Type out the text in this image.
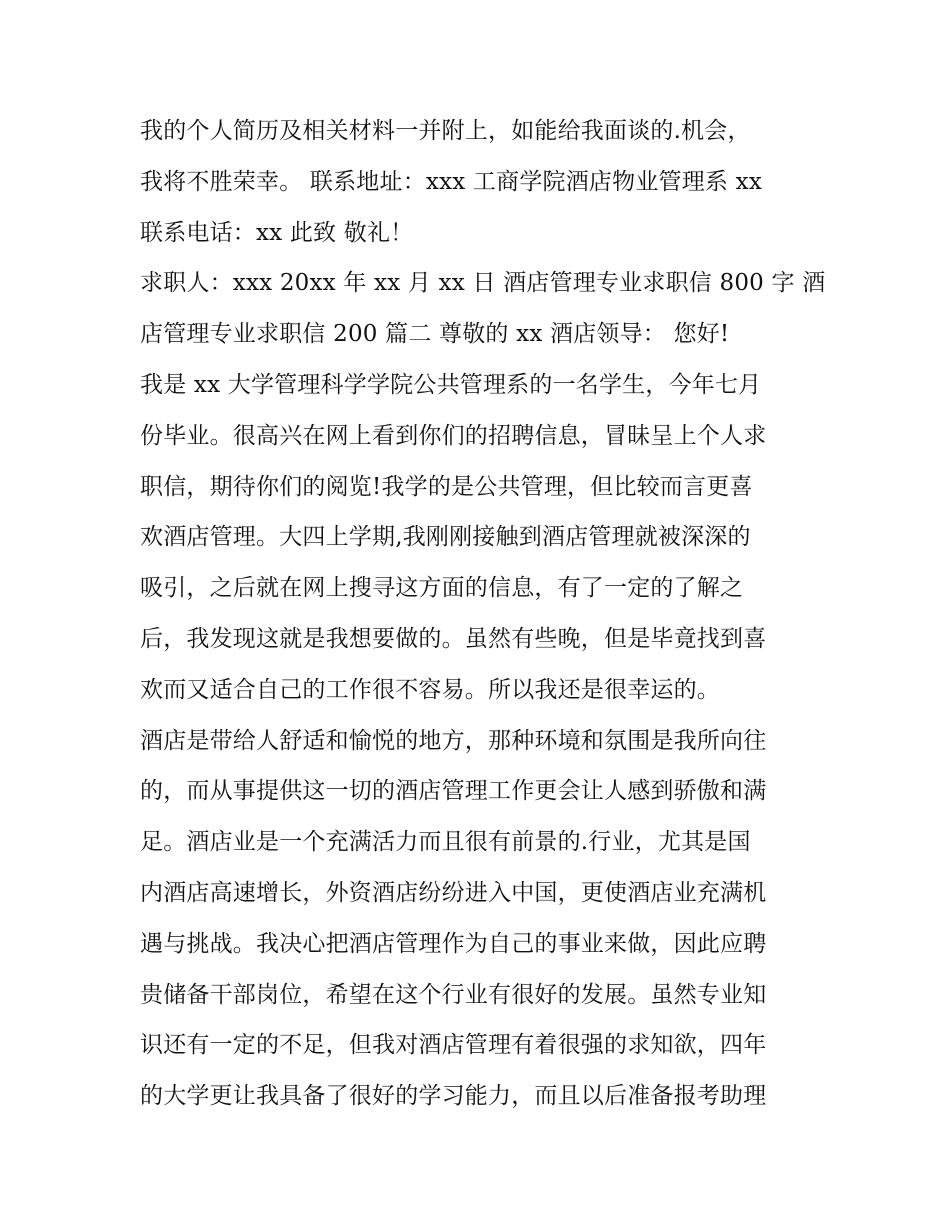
我的个人简历及相关材料一并附上，如能给我面谈的.机会，
我将不胜荣幸。 联系地址：xxx 工商学院酒店物业管理系 xx
联系电话：xx 此致 敬礼！
求职人：xxx 20xx 年 xx 月 xx 日 酒店管理专业求职信 800 字 酒
店管理专业求职信 200 篇二 尊敬的 xx 酒店领导： 您好!
我是 xx 大学管理科学学院公共管理系的一名学生，今年七月
份毕业。很高兴在网上看到你们的招聘信息，冒昧呈上个人求
职信，期待你们的阅览!我学的是公共管理，但比较而言更喜
欢酒店管理。大四上学期,我刚刚接触到酒店管理就被深深的
吸引，之后就在网上搜寻这方面的信息，有了一定的了解之
后，我发现这就是我想要做的。虽然有些晚，但是毕竟找到喜
欢而又适合自己的工作很不容易。所以我还是很幸运的。
酒店是带给人舒适和愉悦的地方，那种环境和氛围是我所向往
的，而从事提供这一切的酒店管理工作更会让人感到骄傲和满
足。酒店业是一个充满活力而且很有前景的.行业，尤其是国
内酒店高速增长，外资酒店纷纷进入中国，更使酒店业充满机
遇与挑战。我决心把酒店管理作为自己的事业来做，因此应聘
贵储备干部岗位，希望在这个行业有很好的发展。虽然专业知
识还有一定的不足，但我对酒店管理有着很强的求知欲，四年
的大学更让我具备了很好的学习能力，而且以后准备报考助理
